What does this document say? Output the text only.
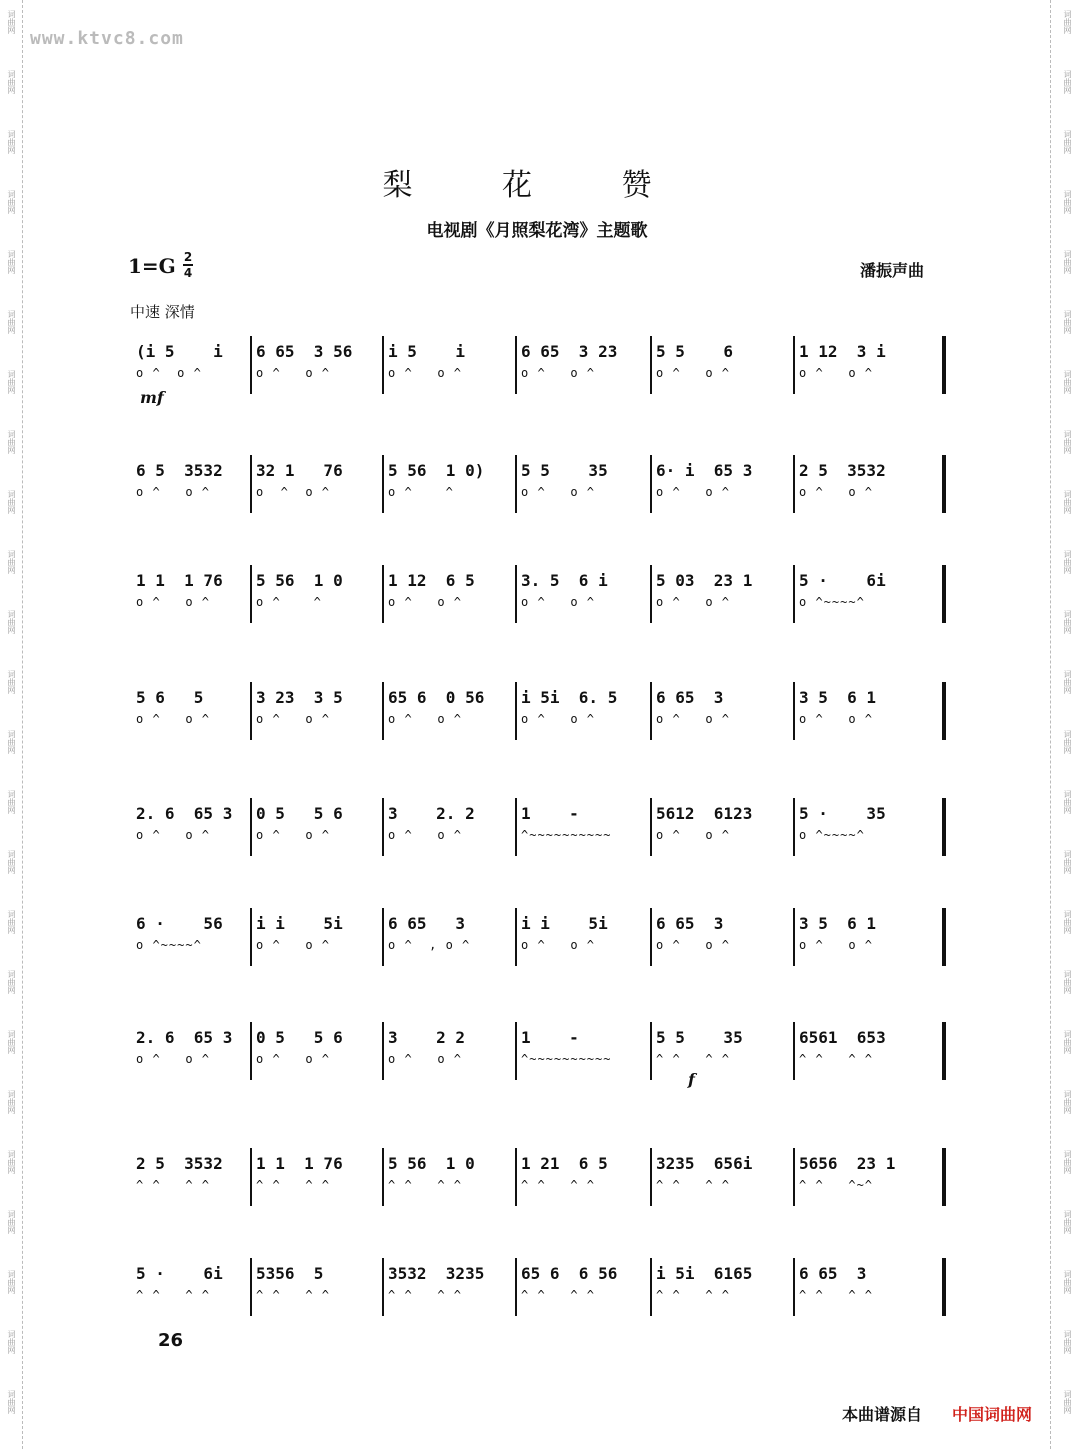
词曲网	词曲网
词曲网	词曲网
词曲网	词曲网
词曲网	词曲网
词曲网	词曲网
词曲网	词曲网
词曲网	词曲网
词曲网	词曲网
词曲网	词曲网
词曲网	词曲网
词曲网	词曲网
词曲网	词曲网
词曲网	词曲网
词曲网	词曲网
词曲网	词曲网
词曲网	词曲网
词曲网	词曲网
词曲网	词曲网
词曲网	词曲网
词曲网	词曲网
词曲网	词曲网
词曲网	词曲网
词曲网	词曲网
词曲网	词曲网
www.ktvc8.com
梨 花 赞
电视剧《月照梨花湾》主题歌
1=G 2
4	潘振声曲
中速 深情
(i 5    i
o ^  o ^
6 65  3 56
o ^   o ^
i 5    i
o ^   o ^
6 65  3 23
o ^   o ^
5 5    6
o ^   o ^
1 12  3 i
o ^   o ^
6 5  3532
o ^   o ^
32 1   76
o  ^  o ^
5 56  1 0)
o ^    ^
5 5    35
o ^   o ^
6· i  65 3
o ^   o ^
2 5  3532
o ^   o ^
1 1  1 76
o ^   o ^
5 56  1 0
o ^    ^
1 12  6 5
o ^   o ^
3. 5  6 i
o ^   o ^
5 03  23 1
o ^   o ^
5 ·    6i
o ^~~~~^
5 6   5
o ^   o ^
3 23  3 5
o ^   o ^
65 6  0 56
o ^   o ^
i 5i  6. 5
o ^   o ^
6 65  3
o ^   o ^
3 5  6 1
o ^   o ^
2. 6  65 3
o ^   o ^
0 5   5 6
o ^   o ^
3    2. 2
o ^   o ^
1    -
^~~~~~~~~~~
5612  6123
o ^   o ^
5 ·    35
o ^~~~~^
6 ·    56
o ^~~~~^
i i    5i
o ^   o ^
6 65   3
o ^  , o ^
i i    5i
o ^   o ^
6 65  3
o ^   o ^
3 5  6 1
o ^   o ^
2. 6  65 3
o ^   o ^
0 5   5 6
o ^   o ^
3    2 2
o ^   o ^
1    -
^~~~~~~~~~~
5 5    35
^ ^   ^ ^
6561  653
^ ^   ^ ^
2 5  3532
^ ^   ^ ^
1 1  1 76
^ ^   ^ ^
5 56  1 0
^ ^   ^ ^
1 21  6 5
^ ^   ^ ^
3235  656i
^ ^   ^ ^
5656  23 1
^ ^   ^~^
5 ·    6i
^ ^   ^ ^
5356  5
^ ^   ^ ^
3532  3235
^ ^   ^ ^
65 6  6 56
^ ^   ^ ^
i 5i  6165
^ ^   ^ ^
6 65  3
^ ^   ^ ^
mf
f
26
本曲谱源自 中国词曲网
